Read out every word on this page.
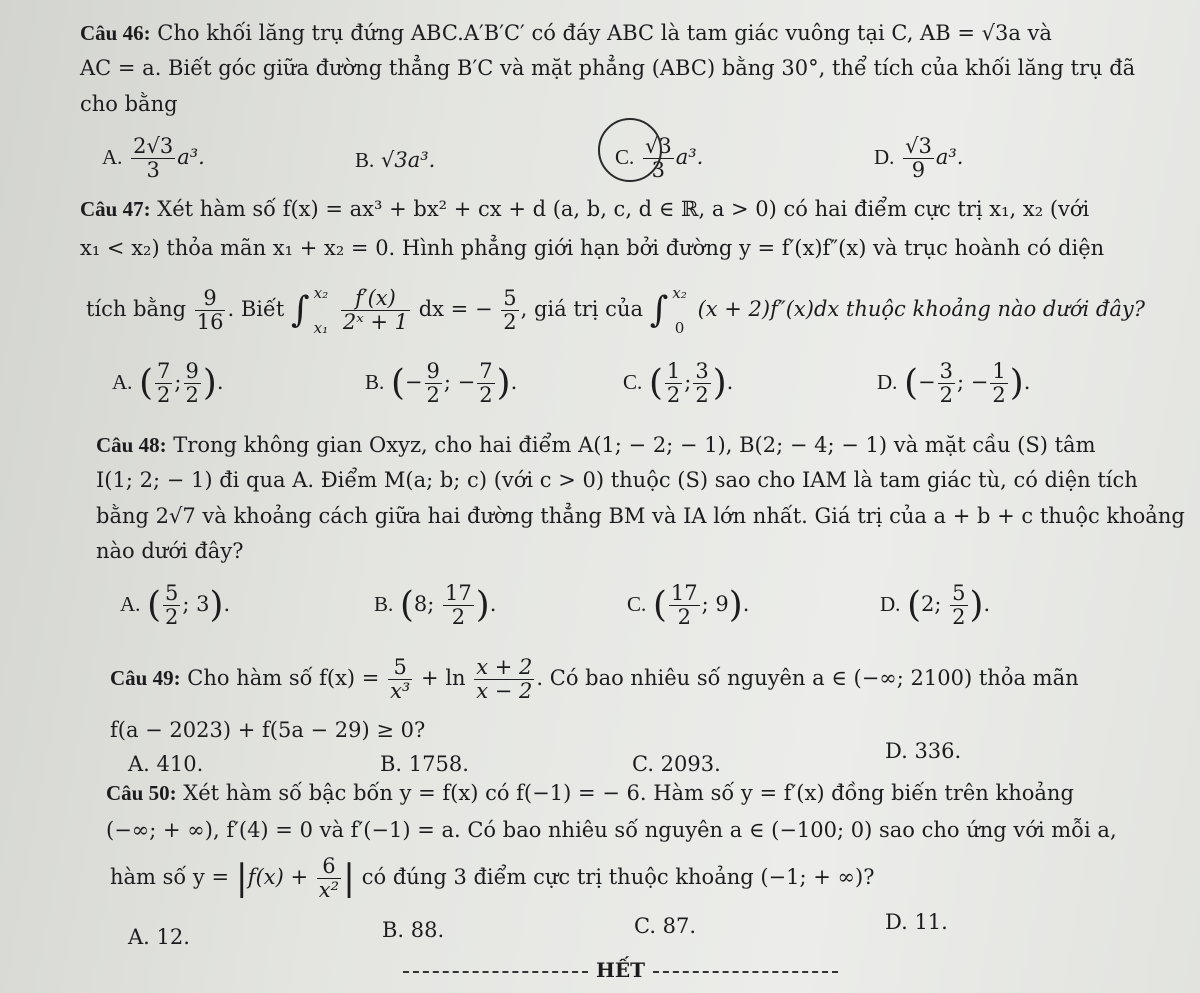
Câu 46: Cho khối lăng trụ đứng ABC.A′B′C′ có đáy ABC là tam giác vuông tại C, AB = √3a và
AC = a. Biết góc giữa đường thẳng B′C và mặt phẳng (ABC) bằng 30°, thể tích của khối lăng trụ đã
cho bằng
A. $\frac{2√3}{3} a^3$.	B. √3a³.	C. $\frac{√3}{3} a^3$.	D. $\frac{√3}{9} a^3$.
Câu 47: Xét hàm số f(x) = ax³ + bx² + cx + d (a, b, c, d ∈ ℝ, a > 0) có hai điểm cực trị x₁, x₂ (với
x₁ < x₂) thỏa mãn x₁ + x₂ = 0. Hình phẳng giới hạn bởi đường y = f′(x)f″(x) và trục hoành có diện
tích bằng $\frac{9}{16}$ . Biết ∫ x₂
x₁
$\frac{f'(x)}{\text{2ˣ + 1}}$ dx = − $\frac{5}{2}$ , giá trị của ∫ x₂
0
(x + 2)f″(x)dx thuộc khoảng nào dưới đây?
A. ( $\frac{7}{2}$ ; $\frac{9}{2}$ ).	B. (− $\frac{9}{2}$ ; − $\frac{7}{2}$ ).	C. ( $\frac{1}{2}$ ; $\frac{3}{2}$ ).	D. (− $\frac{3}{2}$ ; − $\frac{1}{2}$ ).
Câu 48: Trong không gian Oxyz, cho hai điểm A(1; − 2; − 1), B(2; − 4; − 1) và mặt cầu (S) tâm
I(1; 2; − 1) đi qua A. Điểm M(a; b; c) (với c > 0) thuộc (S) sao cho IAM là tam giác tù, có diện tích
bằng 2√7 và khoảng cách giữa hai đường thẳng BM và IA lớn nhất. Giá trị của a + b + c thuộc khoảng
nào dưới đây?
A. ( $\frac{5}{2}$ ; 3).	B. (8; $\frac{17}{2}$ ).	C. ( $\frac{17}{2}$ ; 9).	D. (2; $\frac{5}{2}$ ).
Câu 49: Cho hàm số $f(x) = \frac{5}{\text{x³}} + \ln \frac{x + 2}{x - 2}$ . Có bao nhiêu số nguyên a ∈ (−∞; 2100) thỏa mãn
f(a − 2023) + f(5a − 29) ≥ 0?
A. 410.	B. 1758.	C. 2093.
D. 336.
Câu 50: Xét hàm số bậc bốn y = f(x) có f(−1) = − 6. Hàm số y = f′(x) đồng biến trên khoảng
(−∞; + ∞), f′(4) = 0 và f′(−1) = a. Có bao nhiêu số nguyên a ∈ (−100; 0) sao cho ứng với mỗi a,
hàm số $y = |f(x) + \frac{6}{\text{x²}}$ | có đúng 3 điểm cực trị thuộc khoảng (−1; + ∞)?
A. 12.	B. 88.	C. 87.	D. 11.
HẾT
